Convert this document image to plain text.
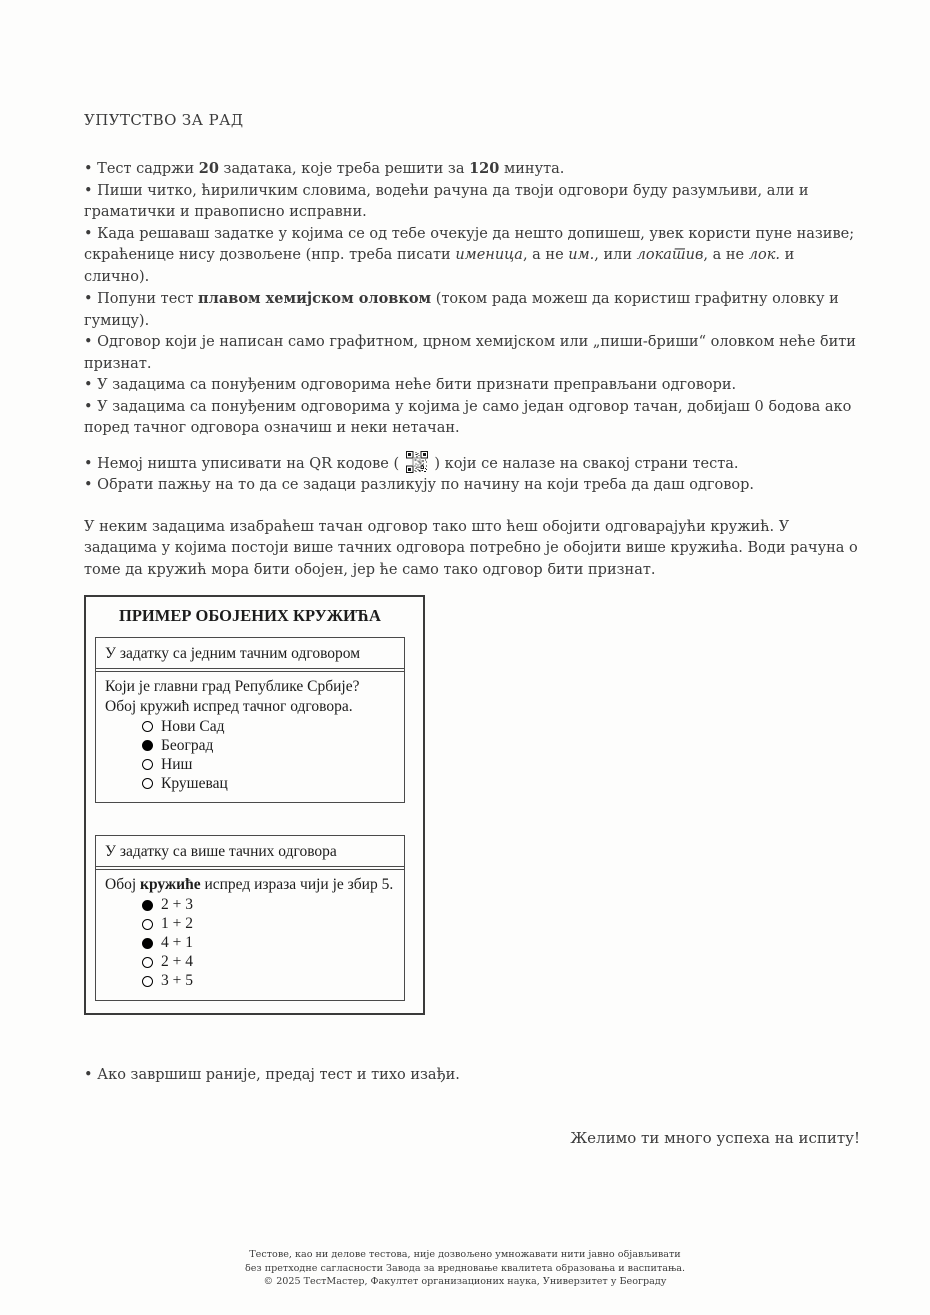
УПУТСТВО ЗА РАД

• Тест садржи 20 задатака, које треба решити за 120 минута.

• Пиши читко, ћириличким словима, водећи рачуна да твоји одговори буду разумљиви, али и граматички и правописно исправни.

• Када решаваш задатке у којима се од тебе очекује да нешто допишеш, увек користи пуне називе; скраћенице нису дозвољене (нпр. треба писати именица, а не им., или локатив, а не лок. и слично).

• Попуни тест плавом хемијском оловком (током рада можеш да користиш графитну оловку и гумицу).

• Одговор који је написан само графитном, црном хемијском или „пиши-бриши“ оловком неће бити признат.

• У задацима са понуђеним одговорима неће бити признати преправљани одговори.

• У задацима са понуђеним одговорима у којима је само један одговор тачан, добијаш 0 бодова ако поред тачног одговора означиш и неки нетачан.

• Немој ништа уписивати на QR кодове (  ) који се налазе на свакој страни теста.

• Обрати пажњу на то да се задаци разликују по начину на који треба да даш одговор.

У неким задацима изабраћеш тачан одговор тако што ћеш обојити одговарајући кружић. У задацима у којима постоји више тачних одговора потребно је обојити више кружића. Води рачуна о томе да кружић мора бити обојен, јер ће само тако одговор бити признат.

ПРИМЕР ОБОЈЕНИХ КРУЖИЋА

У задатку са једним тачним одговором

Који је главни град Републике Србије?

Обој кружић испред тачног одговора.

Нови Сад
Београд
Ниш
Крушевац
У задатку са више тачних одговора

Обој кружиће испред израза чији је збир 5.

2 + 3
1 + 2
4 + 1
2 + 4
3 + 5

• Ако завршиш раније, предај тест и тихо изађи.

Желимо ти много успеха на испиту!

Тестове, као ни делове тестова, није дозвољено умножавати нити јавно објављивати
без претходне сагласности Завода за вредновање квалитета образовања и васпитања.
© 2025 ТестМастер, Факултет организационих наука, Универзитет у Београду
